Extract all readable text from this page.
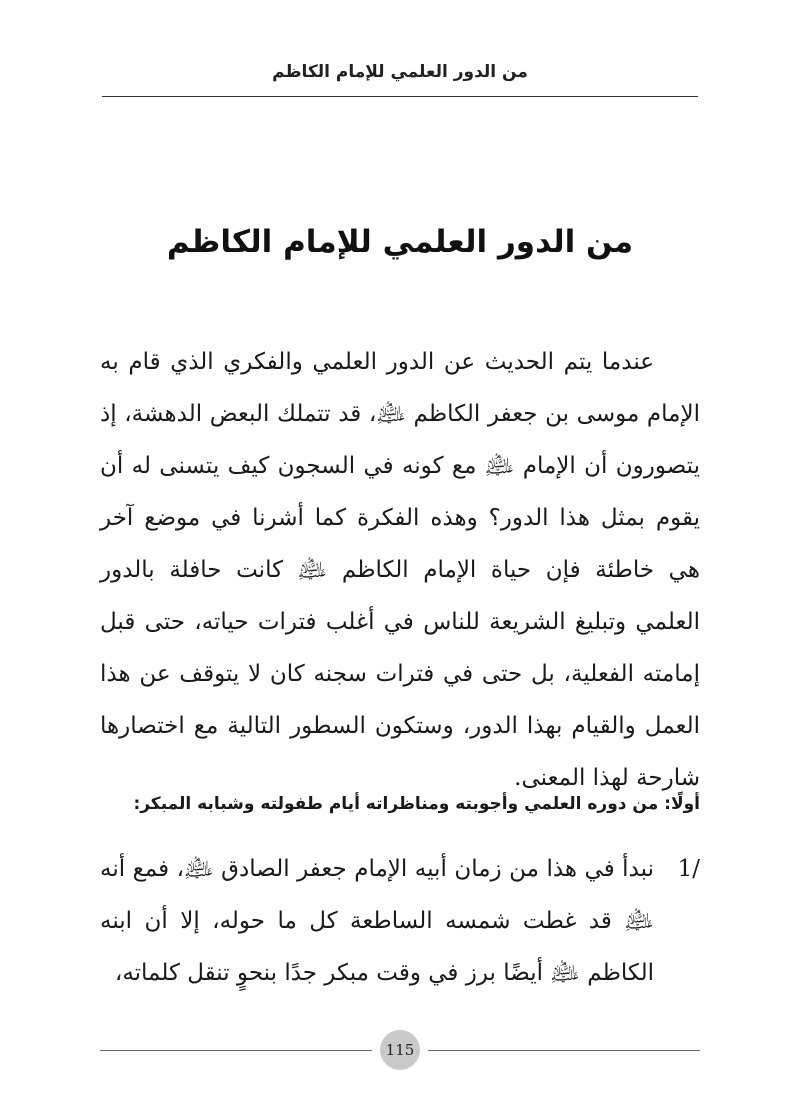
من الدور العلمي للإمام الكاظم
من الدور العلمي للإمام الكاظم

عندما يتم الحديث عن الدور العلمي والفكري الذي قام به الإمام موسى بن جعفر الكاظم ﵇، قد تتملك البعض الدهشة، إذ يتصورون أن الإمام ﵇ مع كونه في السجون كيف يتسنى له أن يقوم بمثل هذا الدور؟ وهذه الفكرة كما أشرنا في موضع آخر هي خاطئة فإن حياة الإمام الكاظم ﵇ كانت حافلة بالدور العلمي وتبليغ الشريعة للناس في أغلب فترات حياته، حتى قبل إمامته الفعلية، بل حتى في فترات سجنه كان لا يتوقف عن هذا العمل والقيام بهذا الدور، وستكون السطور التالية مع اختصارها شارحة لهذا المعنى.

أولًا: من دوره العلمي وأجوبته ومناظراته أيام طفولته وشبابه المبكر:
1/

نبدأ في هذا من زمان أبيه الإمام جعفر الصادق ﵇، فمع أنه ﵇ قد غطت شمسه الساطعة كل ما حوله، إلا أن ابنه الكاظم ﵇ أيضًا برز في وقت مبكر جدًا بنحوٍ تنقل كلماته،

115
